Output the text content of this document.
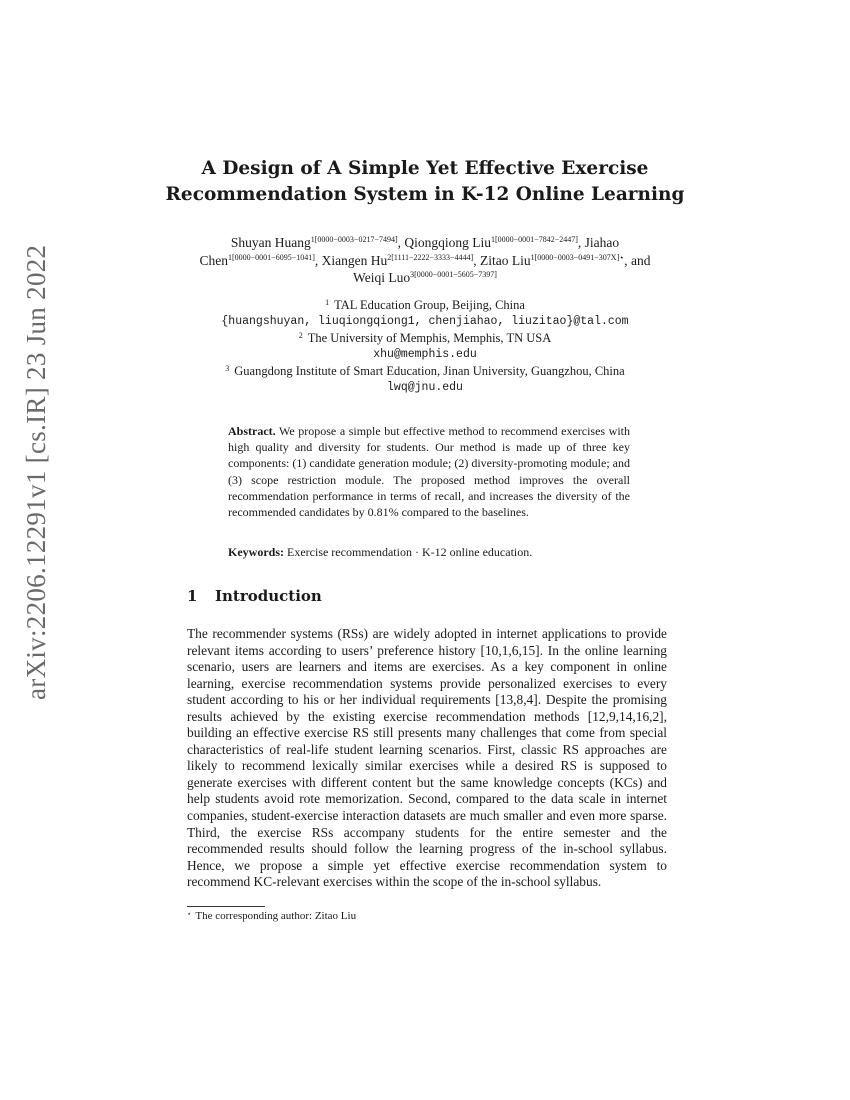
arXiv:2206.12291v1 [cs.IR] 23 Jun 2022
A Design of A Simple Yet Effective Exercise Recommendation System in K-12 Online Learning
Shuyan Huang$^{1[0000-0003-0217-7494]}$, Qiongqiong Liu$^{1[0000-0001-7842-2447]}$, Jiahao Chen$^{1[0000-0001-6095-1041]}$, Xiangen $Hu^{2[1111-2222-3333-4444]}$, Zitao Liu$^{1[0000-0003-0491-307X]⋆}$, and Weiqi Luo$^{3[0000-0001-5605-7397]}$
$^1$ TAL Education Group, Beijing, China
{huangshuyan, liuqiongqiong1, chenjiahao, liuzitao}@tal.com
$^2$ The University of Memphis, Memphis, TN USA
xhu@memphis.edu
$^3$ Guangdong Institute of Smart Education, Jinan University, Guangzhou, China
lwq@jnu.edu
Abstract. We propose a simple but effective method to recommend exercises with high quality and diversity for students. Our method is made up of three key components: (1) candidate generation module; (2) diversity-promoting module; and (3) scope restriction module. The proposed method improves the overall recommendation performance in terms of recall, and increases the diversity of the recommended candidates by 0.81% compared to the baselines.
Keywords: Exercise recommendation · K-12 online education.
1 Introduction
The recommender systems (RSs) are widely adopted in internet applications to provide relevant items according to users’ preference history [10,1,6,15]. In the online learning scenario, users are learners and items are exercises. As a key component in online learning, exercise recommendation systems provide personalized exercises to every student according to his or her individual requirements [13,8,4]. Despite the promising results achieved by the existing exercise recommendation methods [12,9,14,16,2], building an effective exercise RS still presents many challenges that come from special characteristics of real-life student learning scenarios. First, classic RS approaches are likely to recommend lexically similar exercises while a desired RS is supposed to generate exercises with different content but the same knowledge concepts (KCs) and help students avoid rote memorization. Second, compared to the data scale in internet companies, student-exercise interaction datasets are much smaller and even more sparse. Third, the exercise RSs accompany students for the entire semester and the recommended results should follow the learning progress of the in-school syllabus. Hence, we propose a simple yet effective exercise recommendation system to recommend KC-relevant exercises within the scope of the in-school syllabus.
⋆ The corresponding author: Zitao Liu
